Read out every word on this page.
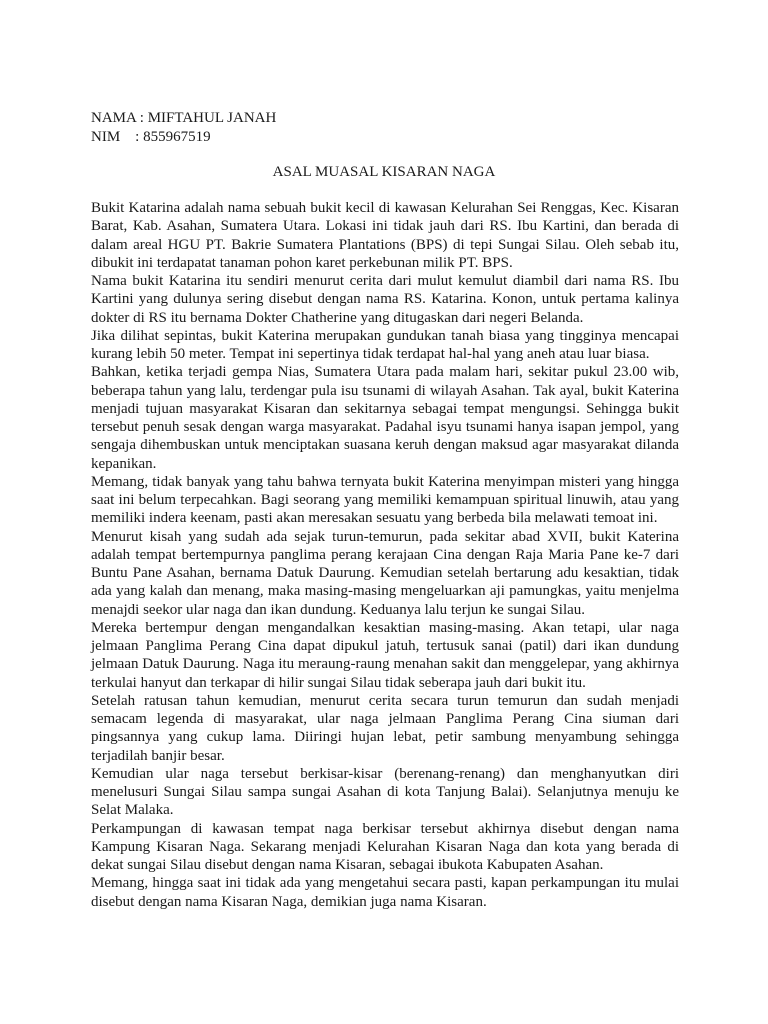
NAMA : MIFTAHUL JANAH
NIM    : 855967519
ASAL MUASAL KISARAN NAGA

Bukit Katarina adalah nama sebuah bukit kecil di kawasan Kelurahan Sei Renggas, Kec. Kisaran Barat, Kab. Asahan, Sumatera Utara. Lokasi ini tidak jauh dari RS. Ibu Kartini, dan berada di dalam areal HGU PT. Bakrie Sumatera Plantations (BPS) di tepi Sungai Silau. Oleh sebab itu, dibukit ini terdapatat tanaman pohon karet perkebunan milik PT. BPS.

Nama bukit Katarina itu sendiri menurut cerita dari mulut kemulut diambil dari nama RS. Ibu Kartini yang dulunya sering disebut dengan nama RS. Katarina. Konon, untuk pertama kalinya dokter di RS itu bernama Dokter Chatherine yang ditugaskan dari negeri Belanda.

Jika dilihat sepintas, bukit Katerina merupakan gundukan tanah biasa yang tingginya mencapai kurang lebih 50 meter. Tempat ini sepertinya tidak terdapat hal-hal yang aneh atau luar biasa.

Bahkan, ketika terjadi gempa Nias, Sumatera Utara pada malam hari, sekitar pukul 23.00 wib, beberapa tahun yang lalu, terdengar pula isu tsunami di wilayah Asahan. Tak ayal, bukit Katerina menjadi tujuan masyarakat Kisaran dan sekitarnya sebagai tempat mengungsi. Sehingga bukit tersebut penuh sesak dengan warga masyarakat. Padahal isyu tsunami hanya isapan jempol, yang sengaja dihembuskan untuk menciptakan suasana keruh dengan maksud agar masyarakat dilanda kepanikan.

Memang, tidak banyak yang tahu bahwa ternyata bukit Katerina menyimpan misteri yang hingga saat ini belum terpecahkan. Bagi seorang yang memiliki kemampuan spiritual linuwih, atau yang memiliki indera keenam, pasti akan meresakan sesuatu yang berbeda bila melawati temoat ini.

Menurut kisah yang sudah ada sejak turun-temurun, pada sekitar abad XVII, bukit Katerina adalah tempat bertempurnya panglima perang kerajaan Cina dengan Raja Maria Pane ke-7 dari Buntu Pane Asahan, bernama Datuk Daurung. Kemudian setelah bertarung adu kesaktian, tidak ada yang kalah dan menang, maka masing-masing mengeluarkan aji pamungkas, yaitu menjelma menajdi seekor ular naga dan ikan dundung. Keduanya lalu terjun ke sungai Silau.

Mereka bertempur dengan mengandalkan kesaktian masing-masing. Akan tetapi, ular naga jelmaan Panglima Perang Cina dapat dipukul jatuh, tertusuk sanai (patil) dari ikan dundung jelmaan Datuk Daurung. Naga itu meraung-raung menahan sakit dan menggelepar, yang akhirnya terkulai hanyut dan terkapar di hilir sungai Silau tidak seberapa jauh dari bukit itu.

Setelah ratusan tahun kemudian, menurut cerita secara turun temurun dan sudah menjadi semacam legenda di masyarakat, ular naga jelmaan Panglima Perang Cina siuman dari pingsannya yang cukup lama. Diiringi hujan lebat, petir sambung menyambung sehingga terjadilah banjir besar.

Kemudian ular naga tersebut berkisar-kisar (berenang-renang) dan menghanyutkan diri menelusuri Sungai Silau sampa sungai Asahan di kota Tanjung Balai). Selanjutnya menuju ke Selat Malaka.

Perkampungan di kawasan tempat naga berkisar tersebut akhirnya disebut dengan nama Kampung Kisaran Naga. Sekarang menjadi Kelurahan Kisaran Naga dan kota yang berada di dekat sungai Silau disebut dengan nama Kisaran, sebagai ibukota Kabupaten Asahan.

Memang, hingga saat ini tidak ada yang mengetahui secara pasti, kapan perkampungan itu mulai disebut dengan nama Kisaran Naga, demikian juga nama Kisaran.
